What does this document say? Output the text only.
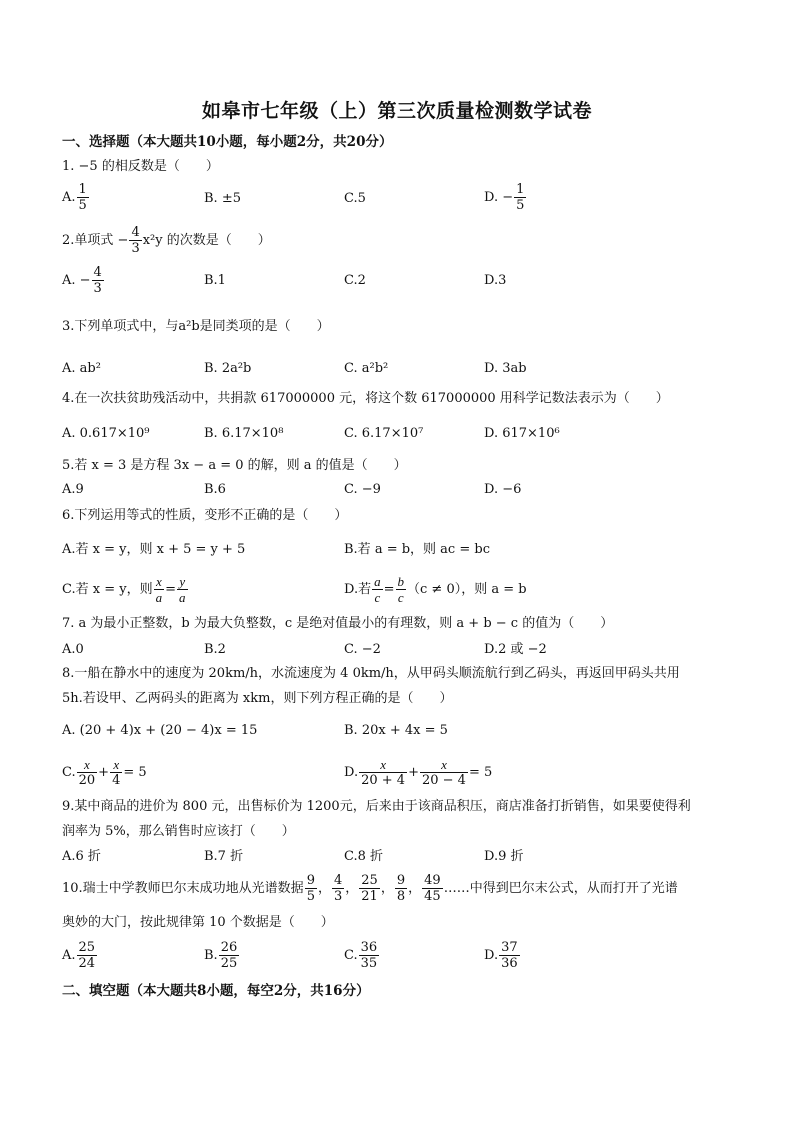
如皋市七年级（上）第三次质量检测数学试卷
一、选择题（本大题共10小题，每小题2分，共20分）
1. −5 的相反数是（　　）
A. $\frac{1}{5}$	B. ±5	C.5	D. − $\frac{1}{5}$
2.单项式 − $\frac{4}{3} x^2y$ 的次数是（　　）
A. − $\frac{4}{3}$	B.1	C.2	D.3
3.下列单项式中，与a²b是同类项的是（　　）
A. ab²	B. 2a²b	C. a²b²	D. 3ab
4.在一次扶贫助残活动中，共捐款 617000000 元，将这个数 617000000 用科学记数法表示为（　　）
A. 0.617×10⁹	B. 6.17×10⁸	C. 6.17×10⁷	D. 617×10⁶
5.若 x = 3 是方程 3x − a = 0 的解，则 a 的值是（　　）
A.9	B.6	C. −9	D. −6
6.下列运用等式的性质，变形不正确的是（　　）
A.若 x = y，则 x + 5 = y + 5	B.若 a = b，则 ac = bc
C.若 x = y，则 $\frac{x}{a} = \frac{y}{a}$	D.若 $\frac{a}{c} = \frac{b}{c} (c \ne 0)$，则 a = b
7. a 为最小正整数，b 为最大负整数，c 是绝对值最小的有理数，则 a + b − c 的值为（　　）
A.0	B.2	C. −2	D.2 或 −2
8.一船在静水中的速度为 20km/h，水流速度为 4 0km/h，从甲码头顺流航行到乙码头，再返回甲码头共用
5h.若设甲、乙两码头的距离为 xkm，则下列方程正确的是（　　）
A. (20 + 4)x + (20 − 4)x = 15	B. 20x + 4x = 5
C. $\frac{x}{20} + \frac{x}{4} = 5$	D. $\frac{x}{20 + 4} + \frac{x}{20 - 4} = 5$
9.某中商品的进价为 800 元，出售标价为 1200元，后来由于该商品积压，商店准备打折销售，如果要使得利
润率为 5%，那么销售时应该打（　　）
A.6 折	B.7 折	C.8 折	D.9 折
10.瑞士中学教师巴尔末成功地从光谱数据 $\frac{9}{5}$ ， $\frac{4}{3}$ ， $\frac{25}{21}$ ， $\frac{9}{8}$ ， $\frac{49}{45}$ ……中得到巴尔末公式，从而打开了光谱
奥妙的大门，按此规律第 10 个数据是（　　）
A. $\frac{25}{24}$	B. $\frac{26}{25}$	C. $\frac{36}{35}$	D. $\frac{37}{36}$
二、填空题（本大题共8小题，每空2分，共16分）
